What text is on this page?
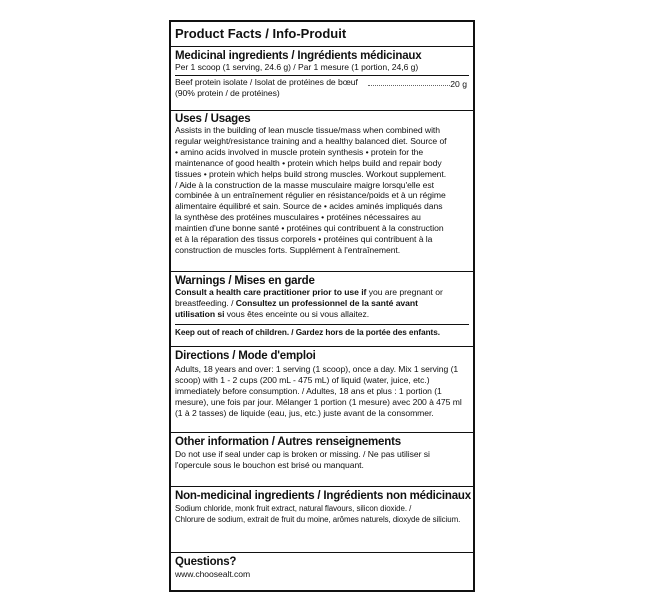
Product Facts / Info-Produit
Medicinal ingredients / Ingrédients médicinaux
Per 1 scoop (1 serving, 24.6 g) / Par 1 mesure (1 portion, 24,6 g)
Beef protein isolate / Isolat de protéines de bœuf
(90% protein / de protéines)
20 g
Uses / Usages
Assists in the building of lean muscle tissue/mass when combined with
regular weight/resistance training and a healthy balanced diet. Source of
• amino acids involved in muscle protein synthesis • protein for the
maintenance of good health • protein which helps build and repair body
tissues • protein which helps build strong muscles. Workout supplement.
/ Aide à la construction de la masse musculaire maigre lorsqu'elle est
combinée à un entraînement régulier en résistance/poids et à un régime
alimentaire équilibré et sain. Source de • acides aminés impliqués dans
la synthèse des protéines musculaires • protéines nécessaires au
maintien d'une bonne santé • protéines qui contribuent à la construction
et à la réparation des tissus corporels • protéines qui contribuent à la
construction de muscles forts. Supplément à l'entraînement.
Warnings / Mises en garde
Consult a health care practitioner prior to use if you are pregnant or
breastfeeding. / Consultez un professionnel de la santé avant
utilisation si vous êtes enceinte ou si vous allaitez.
Keep out of reach of children. / Gardez hors de la portée des enfants.
Directions / Mode d'emploi
Adults, 18 years and over: 1 serving (1 scoop), once a day. Mix 1 serving (1
scoop) with 1 - 2 cups (200 mL - 475 mL) of liquid (water, juice, etc.)
immediately before consumption. / Adultes, 18 ans et plus : 1 portion (1
mesure), une fois par jour. Mélanger 1 portion (1 mesure) avec 200 à 475 ml
(1 à 2 tasses) de liquide (eau, jus, etc.) juste avant de la consommer.
Other information / Autres renseignements
Do not use if seal under cap is broken or missing. / Ne pas utiliser si
l'opercule sous le bouchon est brisé ou manquant.
Non-medicinal ingredients / Ingrédients non médicinaux
Sodium chloride, monk fruit extract, natural flavours, silicon dioxide. /
Chlorure de sodium, extrait de fruit du moine, arômes naturels, dioxyde de silicium.
Questions?
www.choosealt.com
